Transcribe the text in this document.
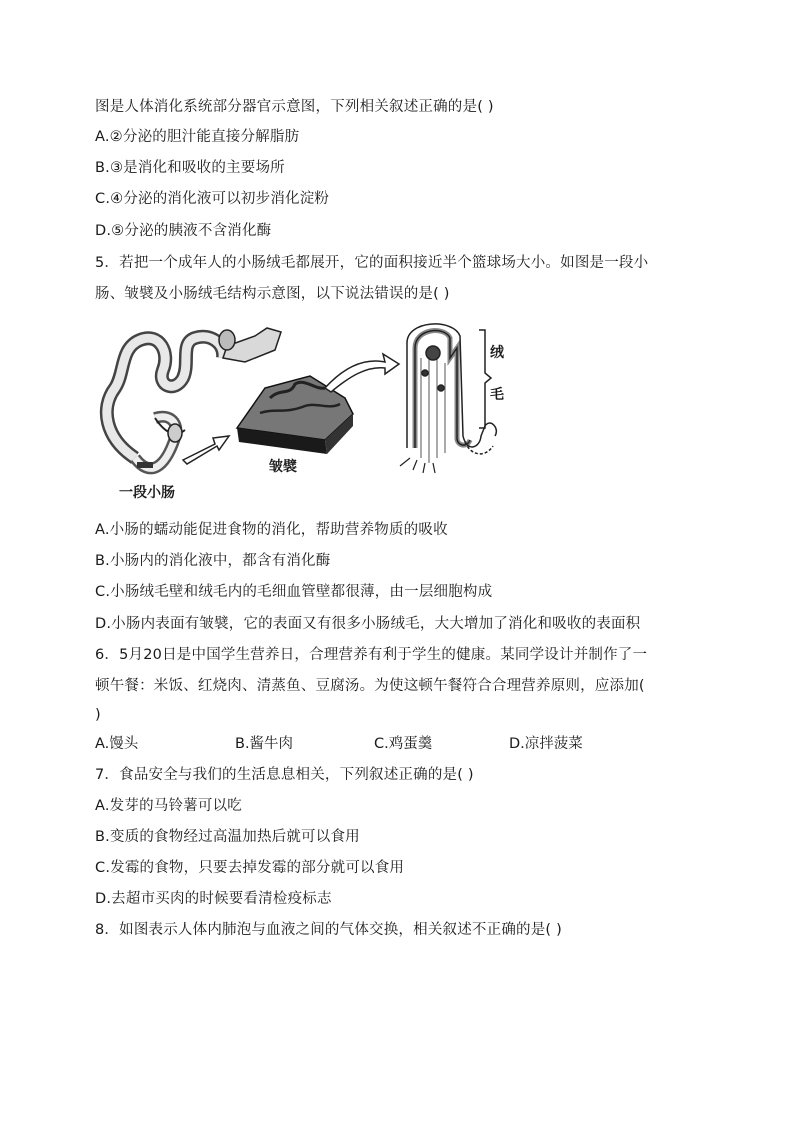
图是人体消化系统部分器官示意图，下列相关叙述正确的是( )
A.②分泌的胆汁能直接分解脂肪
B.③是消化和吸收的主要场所
C.④分泌的消化液可以初步消化淀粉
D.⑤分泌的胰液不含消化酶
5．若把一个成年人的小肠绒毛都展开，它的面积接近半个篮球场大小。如图是一段小
肠、皱襞及小肠绒毛结构示意图，以下说法错误的是( )
一段小肠
皱襞
绒
毛
A.小肠的蠕动能促进食物的消化，帮助营养物质的吸收
B.小肠内的消化液中，都含有消化酶
C.小肠绒毛壁和绒毛内的毛细血管壁都很薄，由一层细胞构成
D.小肠内表面有皱襞，它的表面又有很多小肠绒毛，大大增加了消化和吸收的表面积
6．5月20日是中国学生营养日，合理营养有利于学生的健康。某同学设计并制作了一
顿午餐：米饭、红烧肉、清蒸鱼、豆腐汤。为使这顿午餐符合合理营养原则，应添加(
)
A.馒头	B.酱牛肉	C.鸡蛋羹	D.凉拌菠菜
7．食品安全与我们的生活息息相关，下列叙述正确的是( )
A.发芽的马铃薯可以吃
B.变质的食物经过高温加热后就可以食用
C.发霉的食物，只要去掉发霉的部分就可以食用
D.去超市买肉的时候要看清检疫标志
8．如图表示人体内肺泡与血液之间的气体交换，相关叙述不正确的是( )
